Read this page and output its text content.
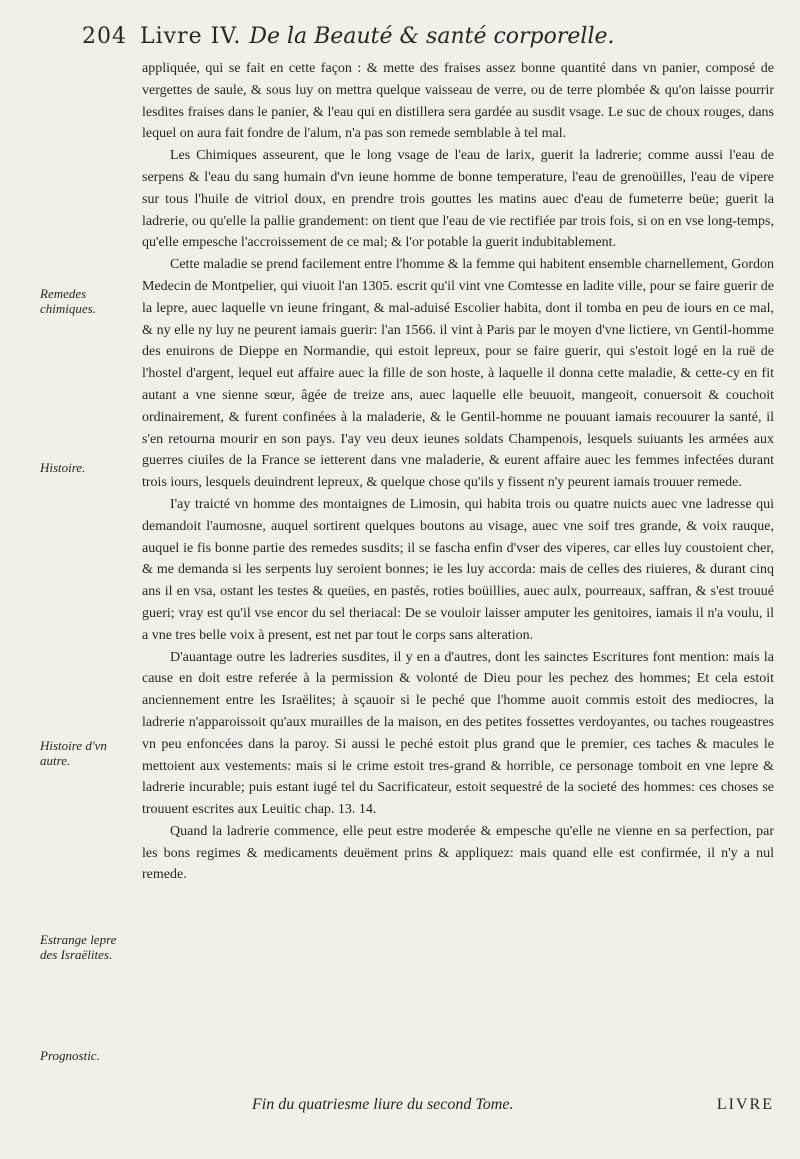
204 Livre IV. De la Beauté & santé corporelle.
Remedes chimiques.
Histoire.
Histoire d'vn autre.
Estrange lepre des Israëlites.
Prognostic.

appliquée, qui se fait en cette façon : & mette des fraises assez bonne quantité dans vn panier, composé de vergettes de saule, & sous luy on mettra quelque vaisseau de verre, ou de terre plombée & qu'on laisse pourrir lesdites fraises dans le panier, & l'eau qui en distillera sera gardée au susdit vsage. Le suc de choux rouges, dans lequel on aura fait fondre de l'alum, n'a pas son remede semblable à tel mal.

Les Chimiques asseurent, que le long vsage de l'eau de larix, guerit la ladrerie; comme aussi l'eau de serpens & l'eau du sang humain d'vn ieune homme de bonne temperature, l'eau de grenoüilles, l'eau de vipere sur tous l'huile de vitriol doux, en prendre trois gouttes les matins auec d'eau de fumeterre beüe; guerit la ladrerie, ou qu'elle la pallie grandement: on tient que l'eau de vie rectifiée par trois fois, si on en vse long-temps, qu'elle empesche l'accroissement de ce mal; & l'or potable la guerit indubitablement.

Cette maladie se prend facilement entre l'homme & la femme qui habitent ensemble charnellement, Gordon Medecin de Montpelier, qui viuoit l'an 1305. escrit qu'il vint vne Comtesse en ladite ville, pour se faire guerir de la lepre, auec laquelle vn ieune fringant, & mal-aduisé Escolier habita, dont il tomba en peu de iours en ce mal, & ny elle ny luy ne peurent iamais guerir: l'an 1566. il vint à Paris par le moyen d'vne lictiere, vn Gentil-homme des enuirons de Dieppe en Normandie, qui estoit lepreux, pour se faire guerir, qui s'estoit logé en la ruë de l'hostel d'argent, lequel eut affaire auec la fille de son hoste, à laquelle il donna cette maladie, & cette-cy en fit autant a vne sienne sœur, âgée de treize ans, auec laquelle elle beuuoit, mangeoit, conuersoit & couchoit ordinairement, & furent confinées à la maladerie, & le Gentil-homme ne pouuant iamais recouurer la santé, il s'en retourna mourir en son pays. I'ay veu deux ieunes soldats Champenois, lesquels suiuants les armées aux guerres ciuiles de la France se ietterent dans vne maladerie, & eurent affaire auec les femmes infectées durant trois iours, lesquels deuindrent lepreux, & quelque chose qu'ils y fissent n'y peurent iamais trouuer remede.

I'ay traicté vn homme des montaignes de Limosin, qui habita trois ou quatre nuicts auec vne ladresse qui demandoit l'aumosne, auquel sortirent quelques boutons au visage, auec vne soif tres grande, & voix rauque, auquel ie fis bonne partie des remedes susdits; il se fascha enfin d'vser des viperes, car elles luy coustoient cher, & me demanda si les serpents luy seroient bonnes; ie les luy accorda: mais de celles des riuieres, & durant cinq ans il en vsa, ostant les testes & queües, en pastés, roties boüillies, auec aulx, pourreaux, saffran, & s'est trouué gueri; vray est qu'il vse encor du sel theriacal: De se vouloir laisser amputer les genitoires, iamais il n'a voulu, il a vne tres belle voix à present, est net par tout le corps sans alteration.

D'auantage outre les ladreries susdites, il y en a d'autres, dont les sainctes Escritures font mention: mais la cause en doit estre referée à la permission & volonté de Dieu pour les pechez des hommes; Et cela estoit anciennement entre les Israëlites; à sçauoir si le peché que l'homme auoit commis estoit des mediocres, la ladrerie n'apparoissoit qu'aux murailles de la maison, en des petites fossettes verdoyantes, ou taches rougeastres vn peu enfoncées dans la paroy. Si aussi le peché estoit plus grand que le premier, ces taches & macules le mettoient aux vestements: mais si le crime estoit tres-grand & horrible, ce personage tomboit en vne lepre & ladrerie incurable; puis estant iugé tel du Sacrificateur, estoit sequestré de la societé des hommes: ces choses se trouuent escrites aux Leuitic chap. 13. 14.

Quand la ladrerie commence, elle peut estre moderée & empesche qu'elle ne vienne en sa perfection, par les bons regimes & medicaments deuëment prins & appliquez: mais quand elle est confirmée, il n'y a nul remede.

Fin du quatriesme liure du second Tome.	LIVRE
